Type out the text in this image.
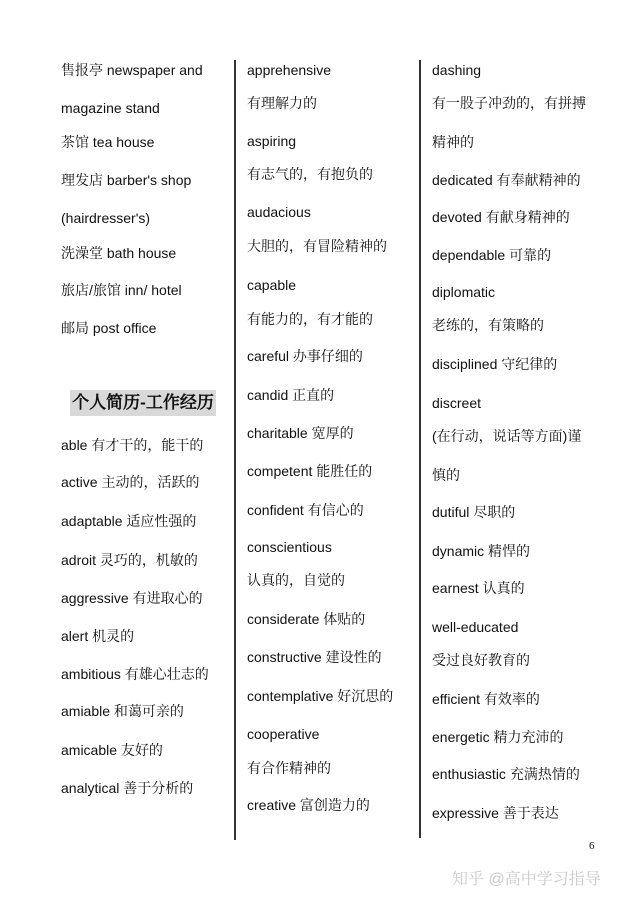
售报亭 newspaper and
magazine stand
茶馆 tea house
理发店 barber's shop
(hairdresser's)
洗澡堂 bath house
旅店/旅馆 inn/ hotel
邮局 post office
able 有才干的，能干的
active 主动的，活跃的
adaptable 适应性强的
adroit 灵巧的，机敏的
aggressive 有进取心的
alert 机灵的
ambitious 有雄心壮志的
amiable 和蔼可亲的
amicable 友好的
analytical 善于分析的
个人简历-工作经历
apprehensive
有理解力的
aspiring
有志气的，有抱负的
audacious
大胆的，有冒险精神的
capable
有能力的，有才能的
careful 办事仔细的
candid 正直的
charitable 宽厚的
competent 能胜任的
confident 有信心的
conscientious
认真的，自觉的
considerate 体贴的
constructive 建设性的
contemplative 好沉思的
cooperative
有合作精神的
creative 富创造力的
dashing
有一股子冲劲的，有拼搏
精神的
dedicated 有奉献精神的
devoted 有献身精神的
dependable 可靠的
diplomatic
老练的，有策略的
disciplined 守纪律的
discreet
(在行动，说话等方面)谨
慎的
dutiful 尽职的
dynamic 精悍的
earnest 认真的
well-educated
受过良好教育的
efficient 有效率的
energetic 精力充沛的
enthusiastic 充满热情的
expressive 善于表达
6
知乎 @高中学习指导
